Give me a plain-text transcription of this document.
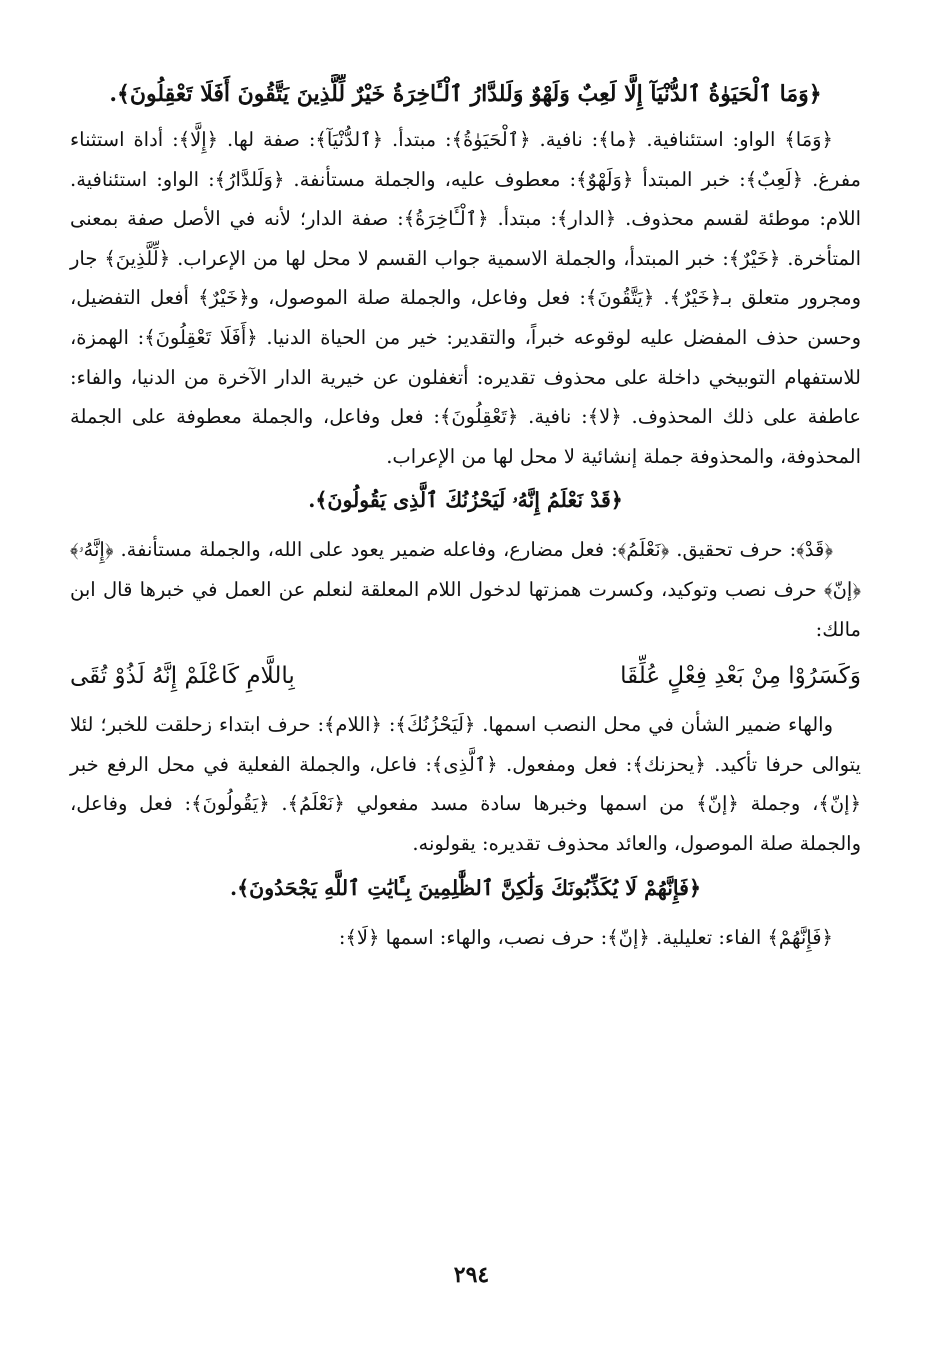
﴿وَمَا ٱلْحَيَوٰةُ ٱلدُّنْيَآ إِلَّا لَعِبٌ وَلَهْوٌ وَلَلدَّارُ ٱلْـَٔاخِرَةُ خَيْرٌ لِّلَّذِينَ يَتَّقُونَ أَفَلَا تَعْقِلُونَ﴾.

﴿وَمَا﴾ الواو: استئنافية. ﴿ما﴾: نافية. ﴿ٱلْحَيَوٰةُ﴾: مبتدأ. ﴿ٱلدُّنْيَآ﴾: صفة لها. ﴿إِلَّا﴾: أداة استثناء مفرغ. ﴿لَعِبٌ﴾: خبر المبتدأ ﴿وَلَهْوٌ﴾: معطوف عليه، والجملة مستأنفة. ﴿وَلَلدَّارُ﴾: الواو: استئنافية. اللام: موطئة لقسم محذوف. ﴿الدار﴾: مبتدأ. ﴿ٱلْـَٔاخِرَةُ﴾: صفة الدار؛ لأنه في الأصل صفة بمعنى المتأخرة. ﴿خَيْرٌ﴾: خبر المبتدأ، والجملة الاسمية جواب القسم لا محل لها من الإعراب. ﴿لِّلَّذِينَ﴾ جار ومجرور متعلق بـ﴿خَيْرٌ﴾. ﴿يَتَّقُونَ﴾: فعل وفاعل، والجملة صلة الموصول، و﴿خَيْرٌ﴾ أفعل التفضيل، وحسن حذف المفضل عليه لوقوعه خبراً، والتقدير: خير من الحياة الدنيا. ﴿أَفَلَا تَعْقِلُونَ﴾: الهمزة، للاستفهام التوبيخي داخلة على محذوف تقديره: أتغفلون عن خيرية الدار الآخرة من الدنيا، والفاء: عاطفة على ذلك المحذوف. ﴿لا﴾: نافية. ﴿تَعْقِلُونَ﴾: فعل وفاعل، والجملة معطوفة على الجملة المحذوفة، والمحذوفة جملة إنشائية لا محل لها من الإعراب.

﴿قَدْ نَعْلَمُ إِنَّهُۥ لَيَحْزُنُكَ ٱلَّذِى يَقُولُونَ﴾.

﴿قَدْ﴾: حرف تحقيق. ﴿نَعْلَمُ﴾: فعل مضارع، وفاعله ضمير يعود على الله، والجملة مستأنفة. ﴿إِنَّهُۥ﴾ ﴿إنّ﴾ حرف نصب وتوكيد، وكسرت همزتها لدخول اللام المعلقة لنعلم عن العمل في خبرها قال ابن مالك:

وَكَسَرُوْا مِنْ بَعْدِ فِعْلٍ عُلِّقَا
بِاللَّامِ كَاعْلَمْ إِنَّهُ لَذُوْ تُقَى

والهاء ضمير الشأن في محل النصب اسمها. ﴿لَيَحْزُنُكَ﴾: ﴿اللام﴾: حرف ابتداء زحلقت للخبر؛ لئلا يتوالى حرفا تأكيد. ﴿يحزنك﴾: فعل ومفعول. ﴿ٱلَّذِى﴾: فاعل، والجملة الفعلية في محل الرفع خبر ﴿إنّ﴾، وجملة ﴿إنّ﴾ من اسمها وخبرها سادة مسد مفعولي ﴿نَعْلَمُ﴾. ﴿يَقُولُونَ﴾: فعل وفاعل، والجملة صلة الموصول، والعائد محذوف تقديره: يقولونه.

﴿فَإِنَّهُمْ لَا يُكَذِّبُونَكَ وَلَٰكِنَّ ٱلظَّٰلِمِينَ بِـَٔايَٰتِ ٱللَّهِ يَجْحَدُونَ﴾.

﴿فَإِنَّهُمْ﴾ الفاء: تعليلية. ﴿إنّ﴾: حرف نصب، والهاء: اسمها ﴿لَا﴾:

٢٩٤
